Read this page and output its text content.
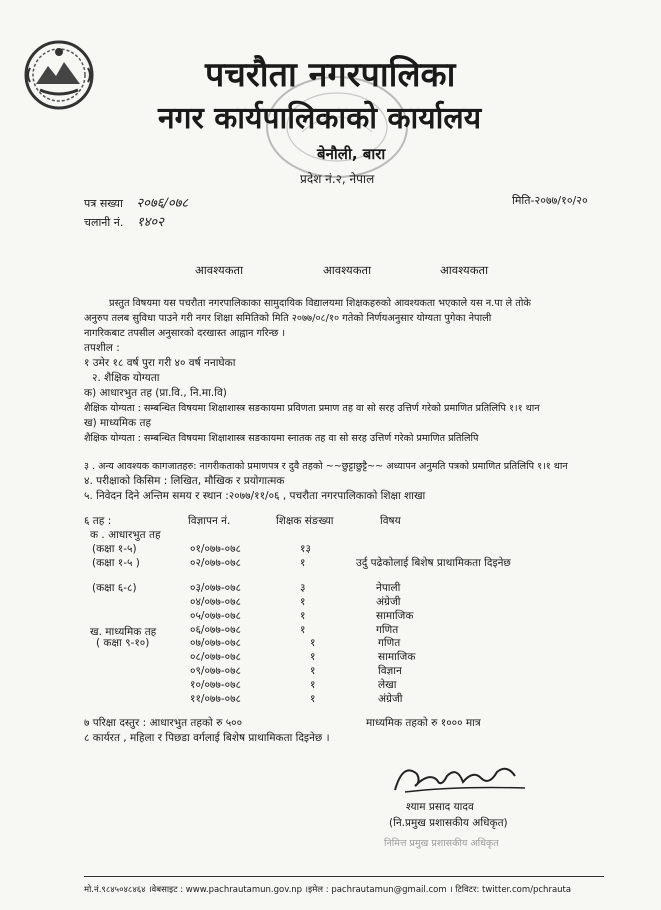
पचरौता नगरपालिका
नगर कार्यपालिकाको कार्यालय
बेनौली, बारा
प्रदेश नं.२, नेपाल
पत्र सख्या २०७६/०७८
चलानी नं. १४०२
मिति-२०७७/१०/२०
आवश्यकता	आवश्यकता	आवश्यकता
प्रस्तुत विषयमा यस पचरौता नगरपालिकाका सामुदायिक विद्यालयमा शिक्षकहरुको आवश्यकता भएकाले यस न.पा ले तोके
अनुरुप तलब सुविधा पाउने गरी नगर शिक्षा समितिको मिति २०७७/०८/१० गतेको निर्णयअनुसार योग्यता पुगेका नेपाली
नागरिकबाट तपसील अनुसारको दरखास्त आह्वान गरिन्छ ।
तपशील :
१ उमेर १८ वर्ष पुरा गरी ४० वर्ष ननाघेका
२. शैक्षिक योग्यता
क) आधारभुत तह (प्रा.वि., नि.मा.वि)
शैक्षिक योग्यता : सम्बन्धित विषयमा शिक्षाशास्त्र सङकायमा प्रविणता प्रमाण तह वा सो सरह उत्तिर्ण गरेको प्रमाणित प्रतिलिपि १।१ थान
ख) माध्यमिक तह
शैक्षिक योग्यता : सम्बन्धित विषयमा शिक्षाशास्त्र सङकायमा स्नातक तह वा सो सरह उत्तिर्ण गरेको प्रमाणित प्रतिलिपि
३ . अन्य आवश्यक कागजातहरु: नागरीकताको प्रमाणपत्र र दुवै तहको ~~छुट्टाछुट्टै~~ अध्यापन अनुमति पत्रको प्रमाणित प्रतिलिपि १।१ थान
४. परीक्षाको किसिम : लिखित, मौखिक र प्रयोगात्मक
५. निवेदन दिने अन्तिम समय र स्थान :२०७७/११/०६ , पचरौता नगरपालिकाको शिक्षा शाखा
६ तह :	विज्ञापन नं.	शिक्षक संङख्या	विषय
क . आधारभुत तह
(कक्षा १-५)	०१/०७७-०७८	१३
(कक्षा १-५ )	०२/०७७-०७८	१	उर्दु पढेकोलाई बिशेष प्राथामिकता दिइनेछ
(कक्षा ६-८)	०३/०७७-०७८	३	नेपाली
०४/०७७-०७८	१	अंग्रेजी
०५/०७७-०७८	१	सामाजिक
०६/०७७-०७८	१	गणित
( कक्षा ९-१०)	०७/०७७-०७८	१	गणित
०८/०७७-०७८	१	सामाजिक
०९/०७७-०७८	१	विज्ञान
१०/०७७-०७८	१	लेखा
११/०७७-०७८	१	अंग्रेजी
ख. माध्यमिक तह
७ परिक्षा दस्तुर : आधारभुत तहको रु ५००	माध्यमिक तहको रु १००० मात्र
८ कार्यरत , महिला र पिछडा वर्गलाई बिशेष प्राथामिकता दिइनेछ ।
श्याम प्रसाद यादव
(नि.प्रमुख प्रशासकीय अधिकृत)
निमित्त प्रमुख प्रशासकीय अधिकृत
मो.नं.९८४५०४८४६४ ।वेबसाइट : www.pachrautamun.gov.np ।इमेल : pachrautamun@gmail.com । टिविटर: twitter.com/pchrauta
